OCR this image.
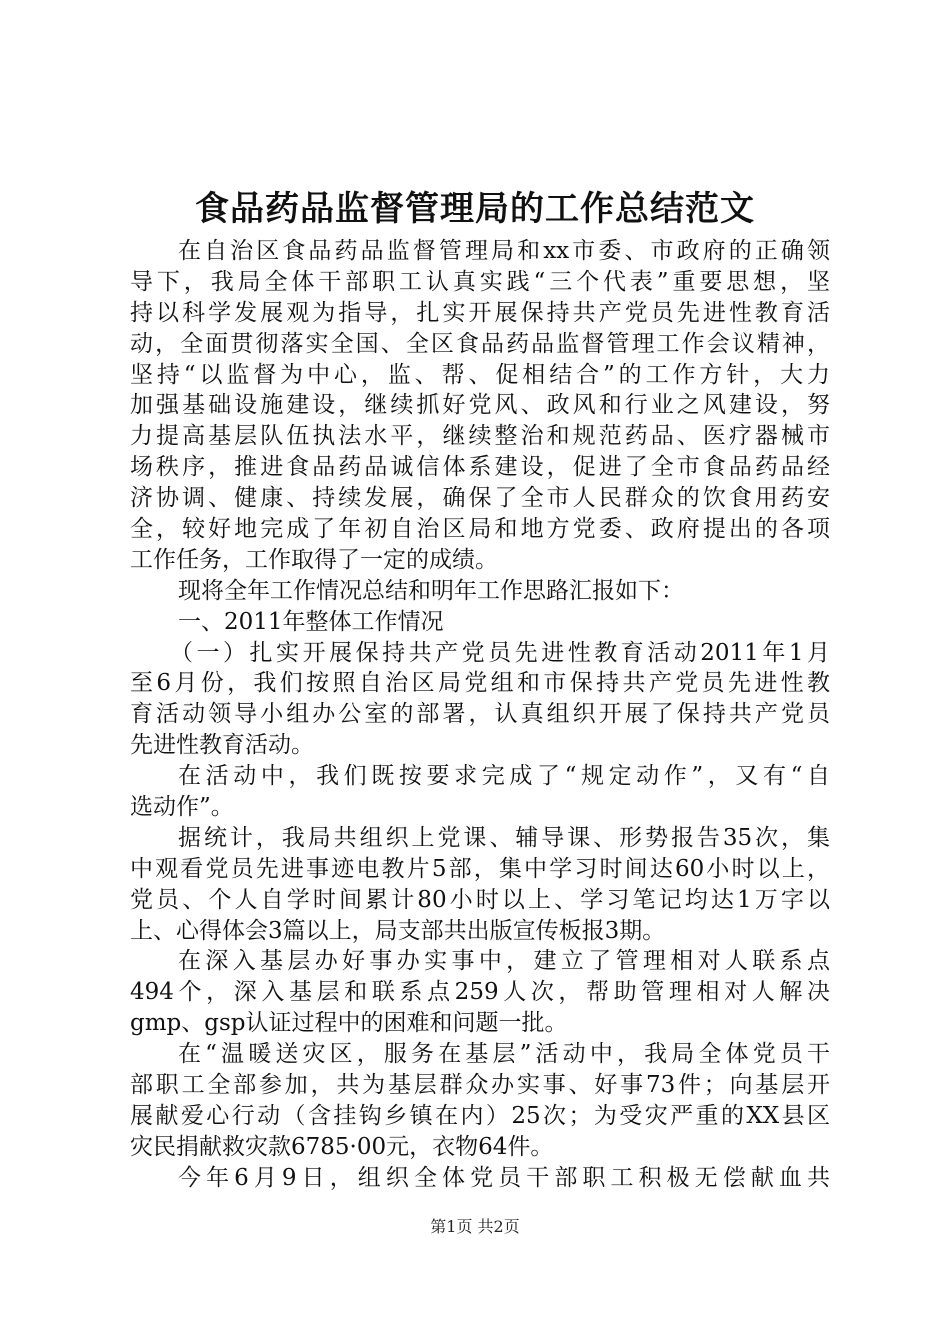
食品药品监督管理局的工作总结范文
在自治区食品药品监督管理局和xx市委、市政府的正确领
导下，我局全体干部职工认真实践“三个代表”重要思想，坚
持以科学发展观为指导，扎实开展保持共产党员先进性教育活
动，全面贯彻落实全国、全区食品药品监督管理工作会议精神，
坚持“以监督为中心，监、帮、促相结合”的工作方针，大力
加强基础设施建设，继续抓好党风、政风和行业之风建设，努
力提高基层队伍执法水平，继续整治和规范药品、医疗器械市
场秩序，推进食品药品诚信体系建设，促进了全市食品药品经
济协调、健康、持续发展，确保了全市人民群众的饮食用药安
全，较好地完成了年初自治区局和地方党委、政府提出的各项
工作任务，工作取得了一定的成绩。
现将全年工作情况总结和明年工作思路汇报如下：
一、2011年整体工作情况
（一）扎实开展保持共产党员先进性教育活动2011年1月
至6月份，我们按照自治区局党组和市保持共产党员先进性教
育活动领导小组办公室的部署，认真组织开展了保持共产党员
先进性教育活动。
在活动中，我们既按要求完成了“规定动作”，又有“自
选动作”。
据统计，我局共组织上党课、辅导课、形势报告35次，集
中观看党员先进事迹电教片5部，集中学习时间达60小时以上，
党员、个人自学时间累计80小时以上、学习笔记均达1万字以
上、心得体会3篇以上，局支部共出版宣传板报3期。
在深入基层办好事办实事中，建立了管理相对人联系点
494个，深入基层和联系点259人次，帮助管理相对人解决
gmp、gsp认证过程中的困难和问题一批。
在“温暖送灾区，服务在基层”活动中，我局全体党员干
部职工全部参加，共为基层群众办实事、好事73件；向基层开
展献爱心行动（含挂钩乡镇在内）25次；为受灾严重的XX县区
灾民捐献救灾款6785·00元，衣物64件。
今年6月9日，组织全体党员干部职工积极无偿献血共
第1页 共2页
